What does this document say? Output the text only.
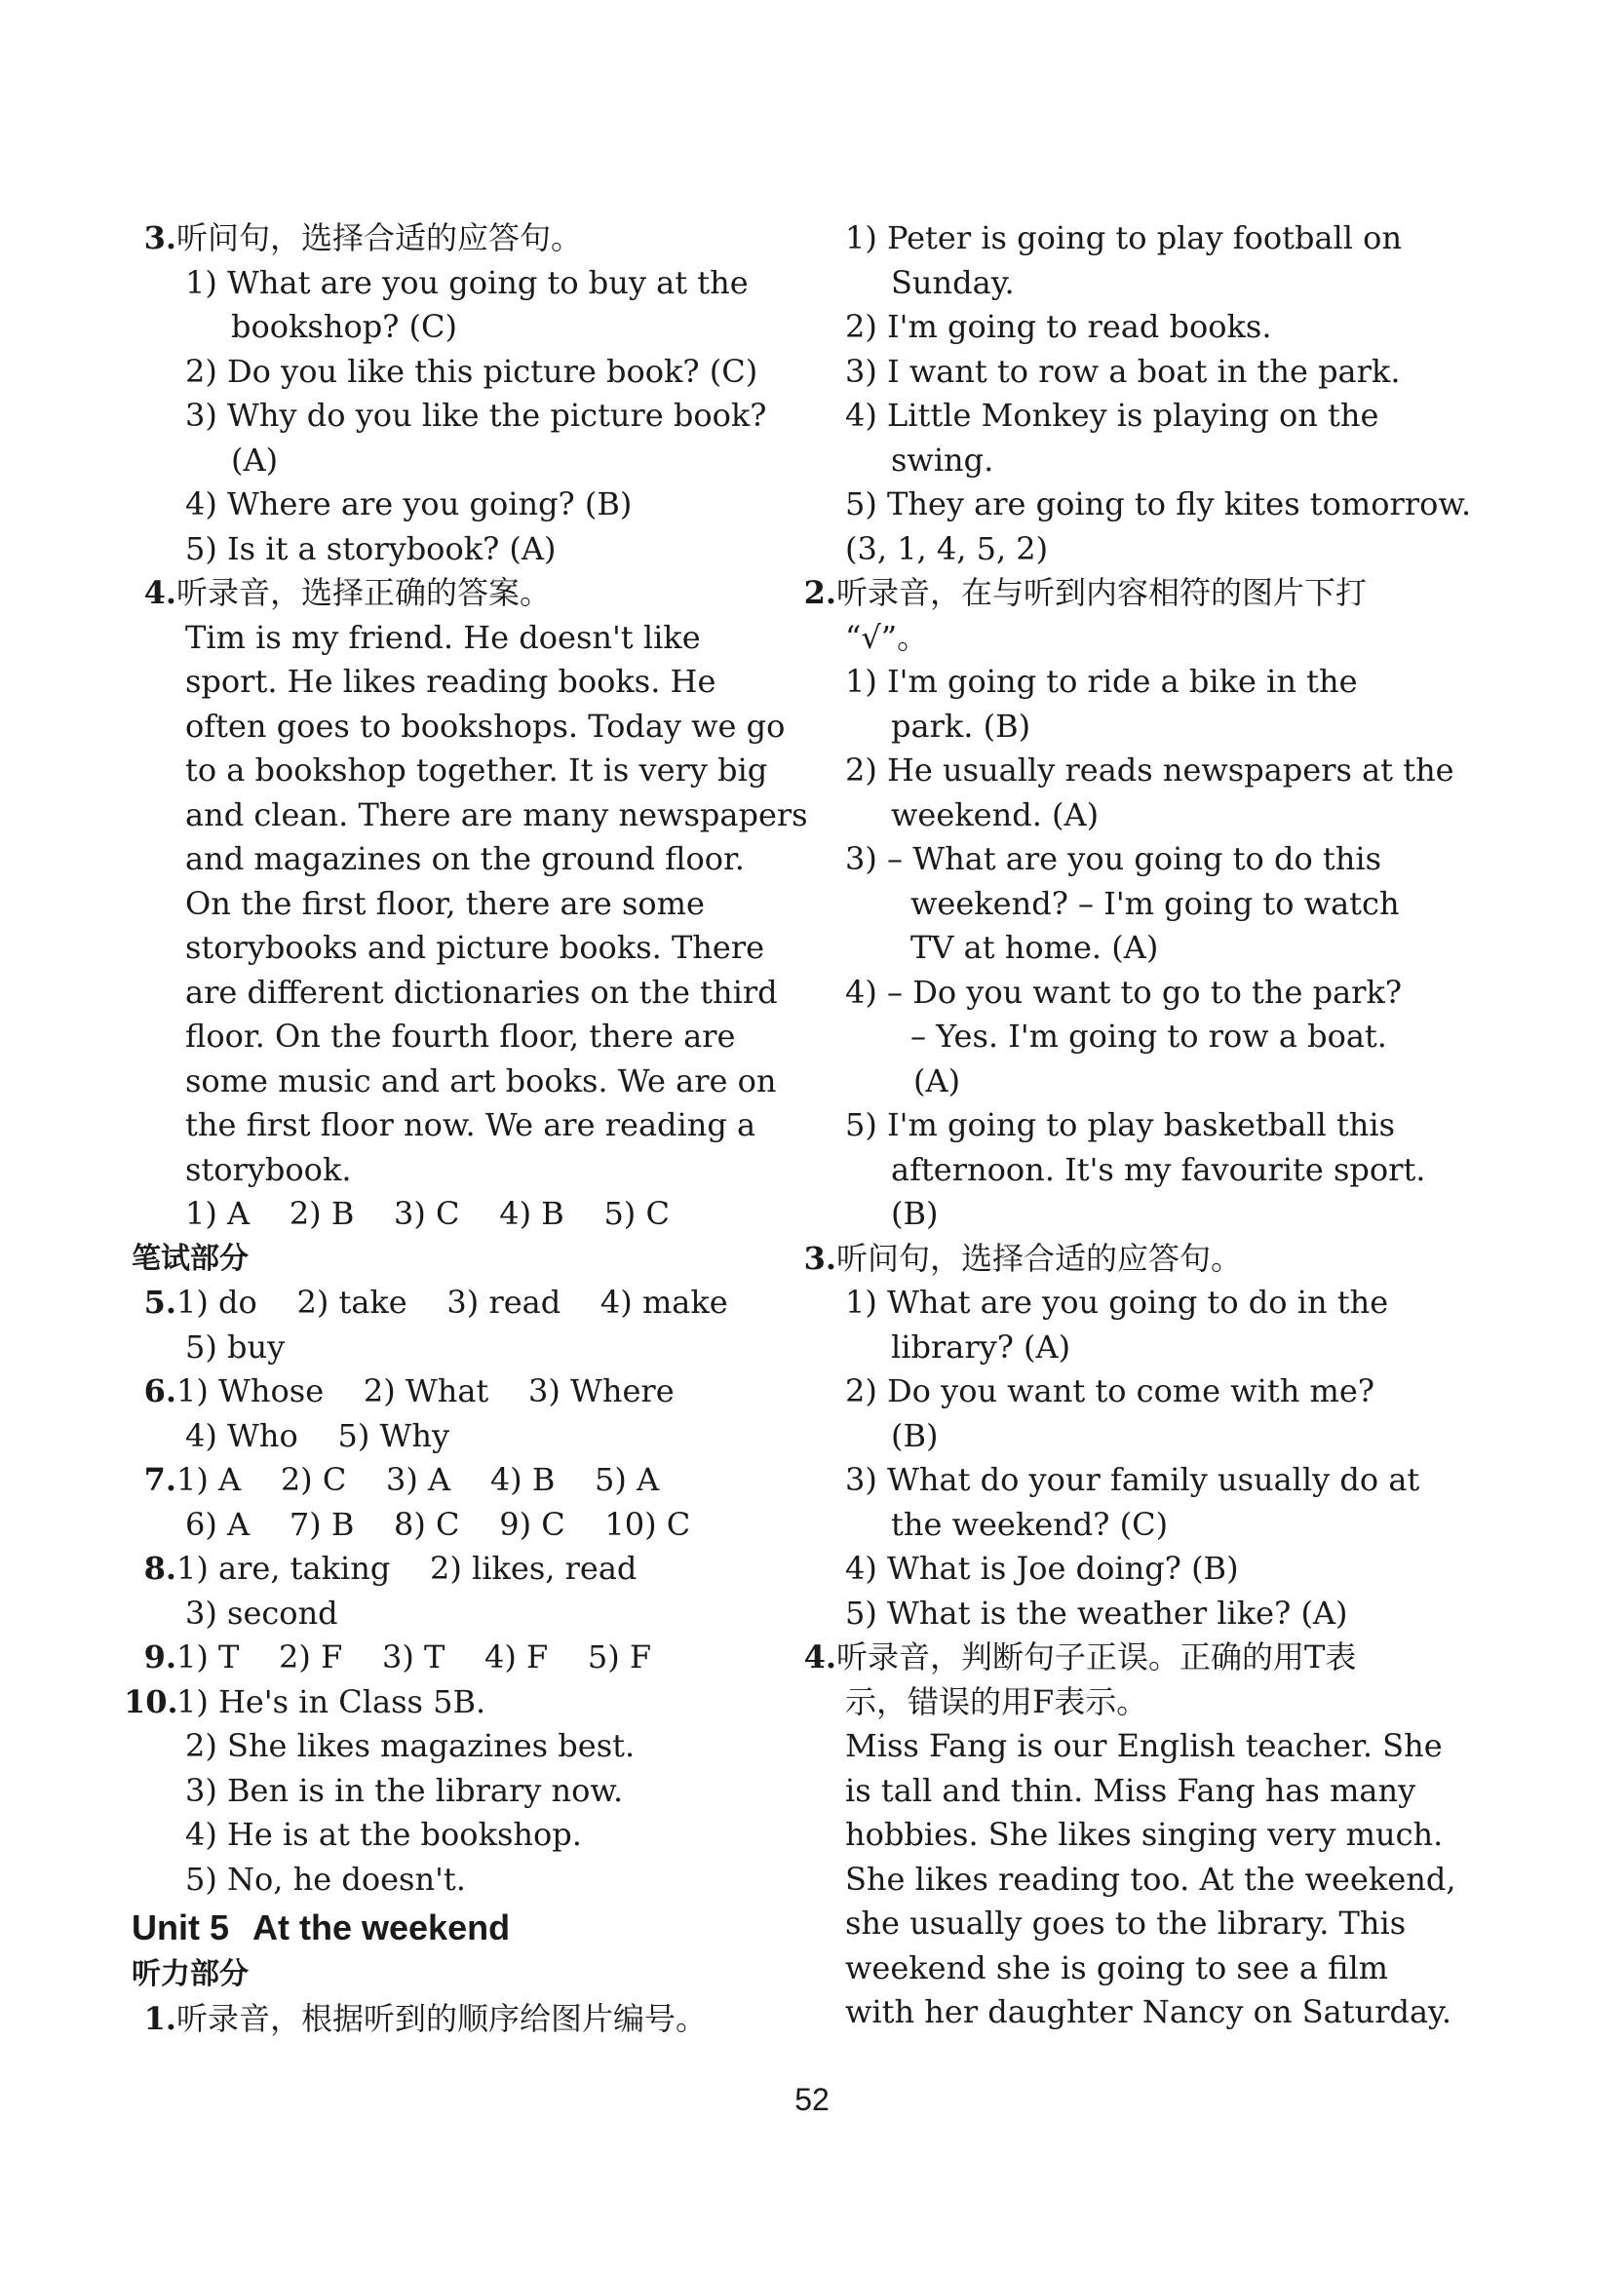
3. 听问句，选择合适的应答句。
1) What are you going to buy at the
bookshop? (C)
2) Do you like this picture book? (C)
3) Why do you like the picture book?
(A)
4) Where are you going? (B)
5) Is it a storybook? (A)
4. 听录音，选择正确的答案。
Tim is my friend. He doesn't like
sport. He likes reading books. He
often goes to bookshops. Today we go
to a bookshop together. It is very big
and clean. There are many newspapers
and magazines on the ground floor.
On the first floor, there are some
storybooks and picture books. There
are different dictionaries on the third
floor. On the fourth floor, there are
some music and art books. We are on
the first floor now. We are reading a
storybook.
1) A    2) B    3) C    4) B    5) C
笔试部分
5. 1) do    2) take    3) read    4) make
5) buy
6. 1) Whose    2) What    3) Where
4) Who    5) Why
7. 1) A    2) C    3) A    4) B    5) A
6) A    7) B    8) C    9) C    10) C
8. 1) are, taking    2) likes, read
3) second
9. 1) T    2) F    3) T    4) F    5) F
10.
1) He's in Class 5B.
2) She likes magazines best.
3) Ben is in the library now.
4) He is at the bookshop.
5) No, he doesn't.
Unit 5 At the weekend
听力部分
1. 听录音，根据听到的顺序给图片编号。
1) Peter is going to play football on
Sunday.
2) I'm going to read books.
3) I want to row a boat in the park.
4) Little Monkey is playing on the
swing.
5) They are going to fly kites tomorrow.
(3, 1, 4, 5, 2)
2. 听录音，在与听到内容相符的图片下打
“√”。
1) I'm going to ride a bike in the
park. (B)
2) He usually reads newspapers at the
weekend. (A)
3) – What are you going to do this
weekend? – I'm going to watch
TV at home. (A)
4) – Do you want to go to the park?
– Yes. I'm going to row a boat.
(A)
5) I'm going to play basketball this
afternoon. It's my favourite sport.
(B)
3. 听问句，选择合适的应答句。
1) What are you going to do in the
library? (A)
2) Do you want to come with me?
(B)
3) What do your family usually do at
the weekend? (C)
4) What is Joe doing? (B)
5) What is the weather like? (A)
4. 听录音，判断句子正误。正确的用T表
示，错误的用F表示。
Miss Fang is our English teacher. She
is tall and thin. Miss Fang has many
hobbies. She likes singing very much.
She likes reading too. At the weekend,
she usually goes to the library. This
weekend she is going to see a film
with her daughter Nancy on Saturday.
52
